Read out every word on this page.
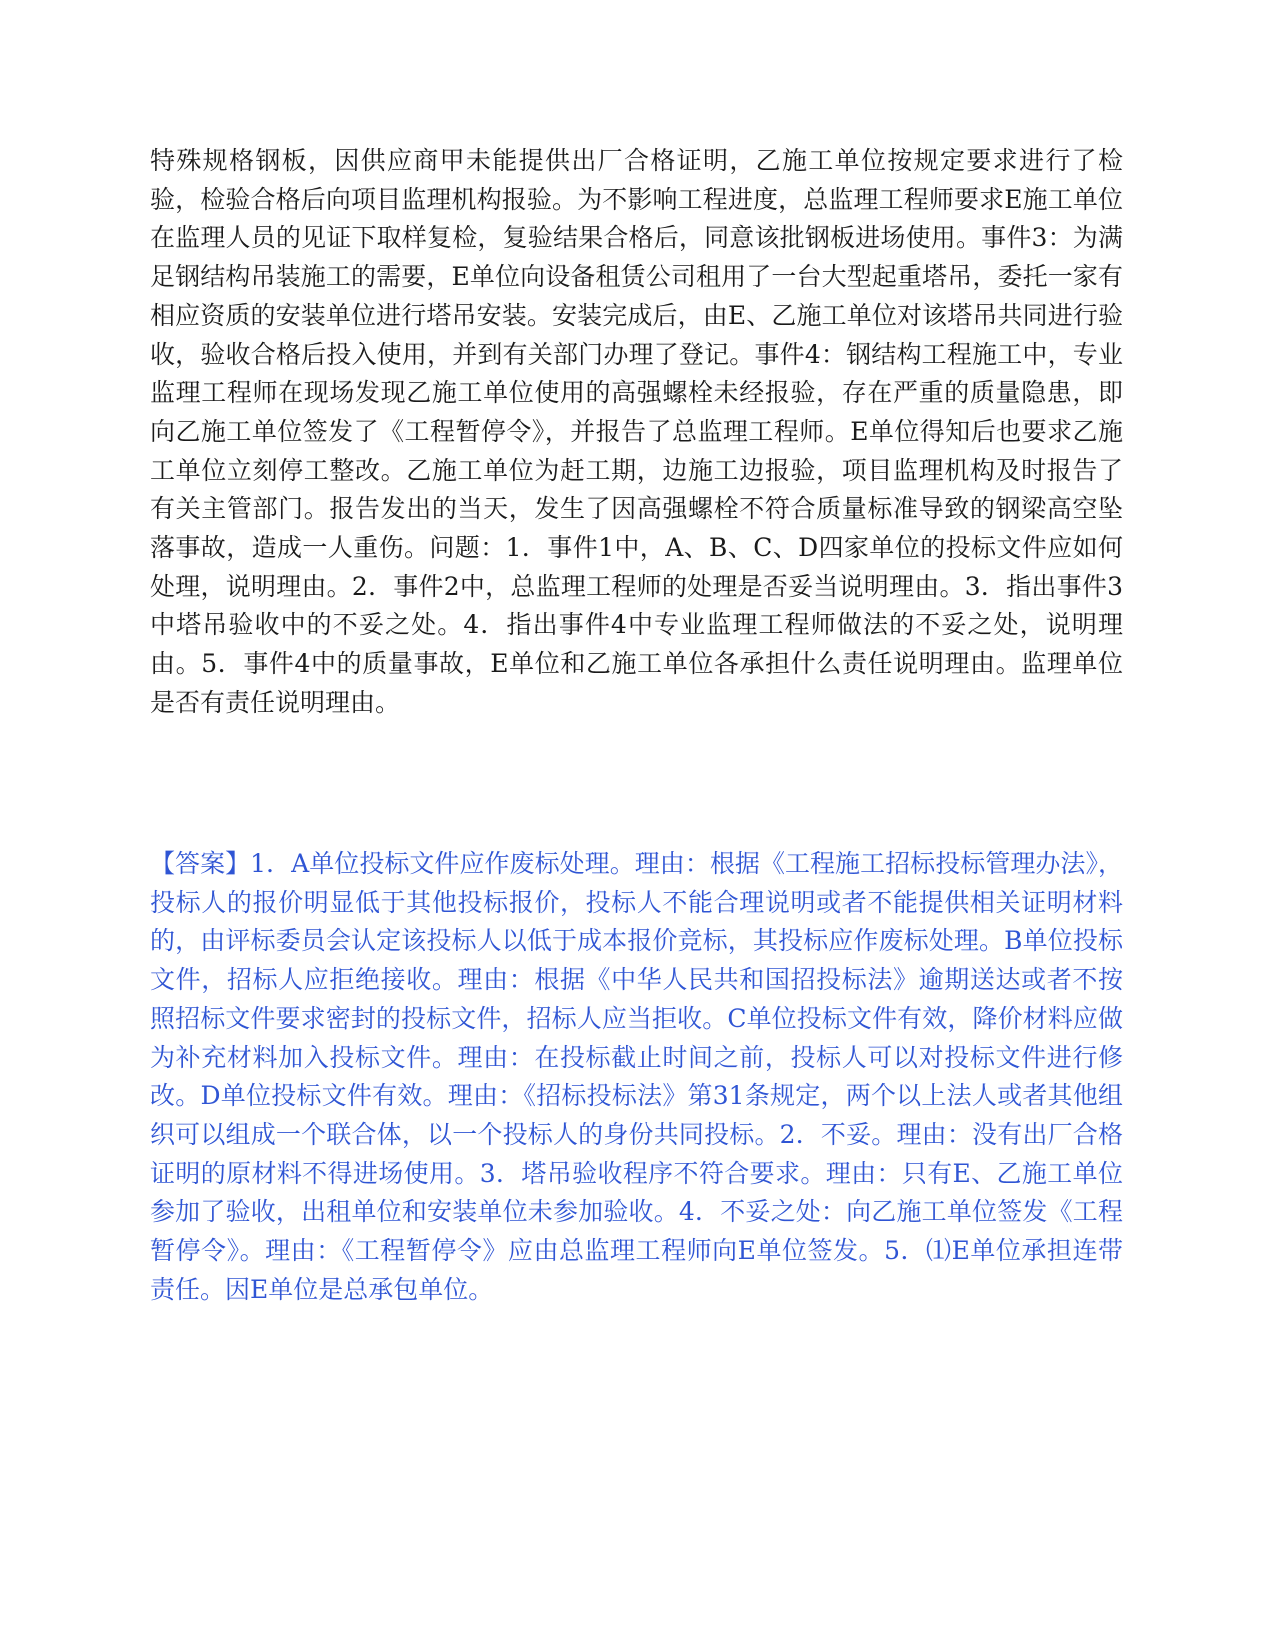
特殊规格钢板，因供应商甲未能提供出厂合格证明，乙施工单位按规定要求进行了检验，检验合格后向项目监理机构报验。为不影响工程进度，总监理工程师要求E施工单位在监理人员的见证下取样复检，复验结果合格后，同意该批钢板进场使用。事件3：为满足钢结构吊装施工的需要，E单位向设备租赁公司租用了一台大型起重塔吊，委托一家有相应资质的安装单位进行塔吊安装。安装完成后，由E、乙施工单位对该塔吊共同进行验收，验收合格后投入使用，并到有关部门办理了登记。事件4：钢结构工程施工中，专业监理工程师在现场发现乙施工单位使用的高强螺栓未经报验，存在严重的质量隐患，即向乙施工单位签发了《工程暂停令》，并报告了总监理工程师。E单位得知后也要求乙施工单位立刻停工整改。乙施工单位为赶工期，边施工边报验，项目监理机构及时报告了有关主管部门。报告发出的当天，发生了因高强螺栓不符合质量标准导致的钢梁高空坠落事故，造成一人重伤。问题：1．事件1中，A、B、C、D四家单位的投标文件应如何处理，说明理由。2．事件2中，总监理工程师的处理是否妥当说明理由。3．指出事件3中塔吊验收中的不妥之处。4．指出事件4中专业监理工程师做法的不妥之处，说明理由。5．事件4中的质量事故，E单位和乙施工单位各承担什么责任说明理由。监理单位是否有责任说明理由。

【答案】1．A单位投标文件应作废标处理。理由：根据《工程施工招标投标管理办法》，投标人的报价明显低于其他投标报价，投标人不能合理说明或者不能提供相关证明材料的，由评标委员会认定该投标人以低于成本报价竞标，其投标应作废标处理。B单位投标文件，招标人应拒绝接收。理由：根据《中华人民共和国招投标法》逾期送达或者不按照招标文件要求密封的投标文件，招标人应当拒收。C单位投标文件有效，降价材料应做为补充材料加入投标文件。理由：在投标截止时间之前，投标人可以对投标文件进行修改。D单位投标文件有效。理由：《招标投标法》第31条规定，两个以上法人或者其他组织可以组成一个联合体，以一个投标人的身份共同投标。2．不妥。理由：没有出厂合格证明的原材料不得进场使用。3．塔吊验收程序不符合要求。理由：只有E、乙施工单位参加了验收，出租单位和安装单位未参加验收。4．不妥之处：向乙施工单位签发《工程暂停令》。理由：《工程暂停令》应由总监理工程师向E单位签发。5．⑴E单位承担连带责任。因E单位是总承包单位。
